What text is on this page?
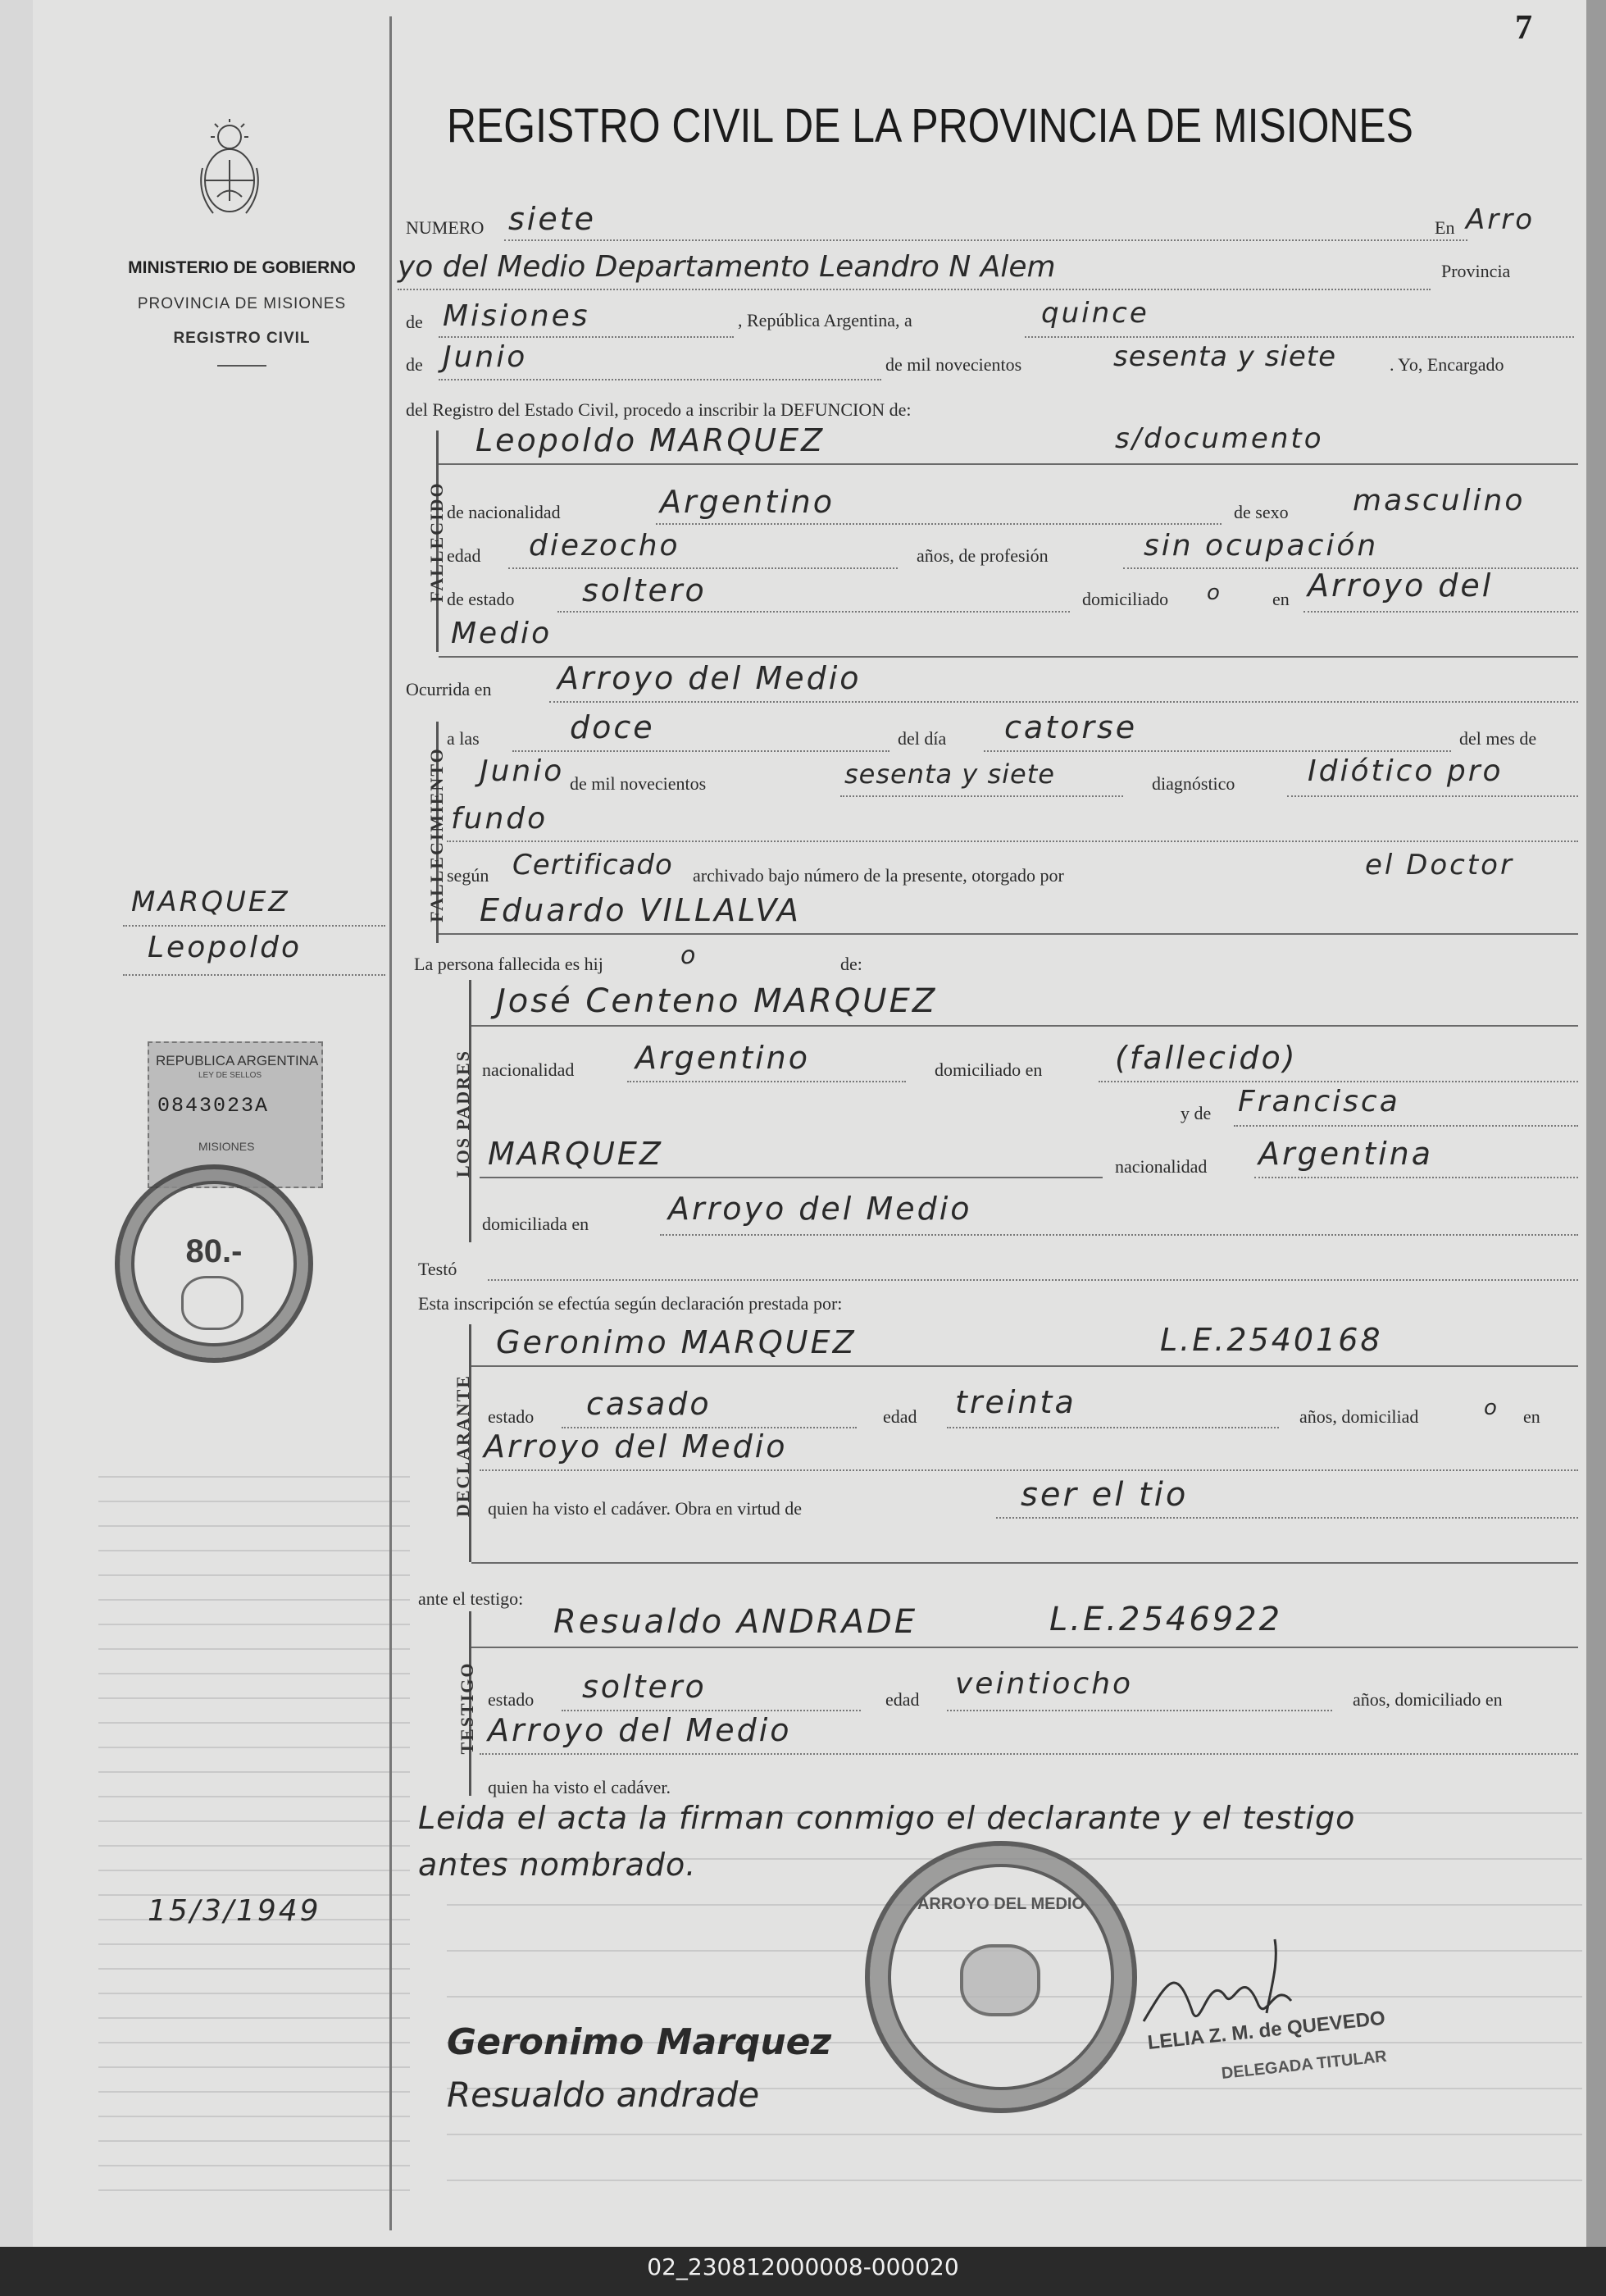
7
MINISTERIO DE GOBIERNO
PROVINCIA DE MISIONES
REGISTRO CIVIL
MARQUEZ
Leopoldo
REPUBLICA ARGENTINA
LEY DE SELLOS
0843023A
MISIONES
80.-
15/3/1949
REGISTRO CIVIL DE LA PROVINCIA DE MISIONES
NUMERO siete	En Arro
yo del Medio Departamento Leandro N Alem	Provincia
de Misiones	, República Argentina, a	quince
de Junio	de mil novecientos	sesenta y siete	. Yo, Encargado
del Registro del Estado Civil, procedo a inscribir la DEFUNCION de:
FALLECIDO
Leopoldo MARQUEZ	s/documento
de nacionalidad	Argentino	de sexo masculino
edad diezocho	años, de profesión	sin ocupación
de estado soltero	domiciliado o	en Arroyo del
Medio
Ocurrida en Arroyo del Medio
FALLECIMIENTO
a las	doce	del día catorse	del mes de
Junio de mil novecientos	sesenta y siete	diagnóstico Idiótico pro
fundo
según Certificado archivado bajo número de la presente, otorgado por	el Doctor
Eduardo VILLALVA
La persona fallecida es hij	o	de:
LOS PADRES
José Centeno MARQUEZ
nacionalidad Argentino	domiciliado en (fallecido)
y de Francisca
MARQUEZ	nacionalidad Argentina
domiciliada en	Arroyo del Medio
Testó
Esta inscripción se efectúa según declaración prestada por:
DECLARANTE
Geronimo MARQUEZ	L.E.2540168
estado casado	edad treinta	años, domiciliad	o en
Arroyo del Medio
quien ha visto el cadáver. Obra en virtud de	ser el tio
ante el testigo:
TESTIGO
Resualdo ANDRADE	L.E.2546922
estado soltero	edad veintiocho	años, domiciliado en
Arroyo del Medio
quien ha visto el cadáver.
Leida el acta la firman conmigo el declarante y el testigo
antes nombrado.
ARROYO DEL MEDIO
Geronimo Marquez
Resualdo andrade
LELIA Z. M. de QUEVEDO
DELEGADA TITULAR
02_230812000008-000020
